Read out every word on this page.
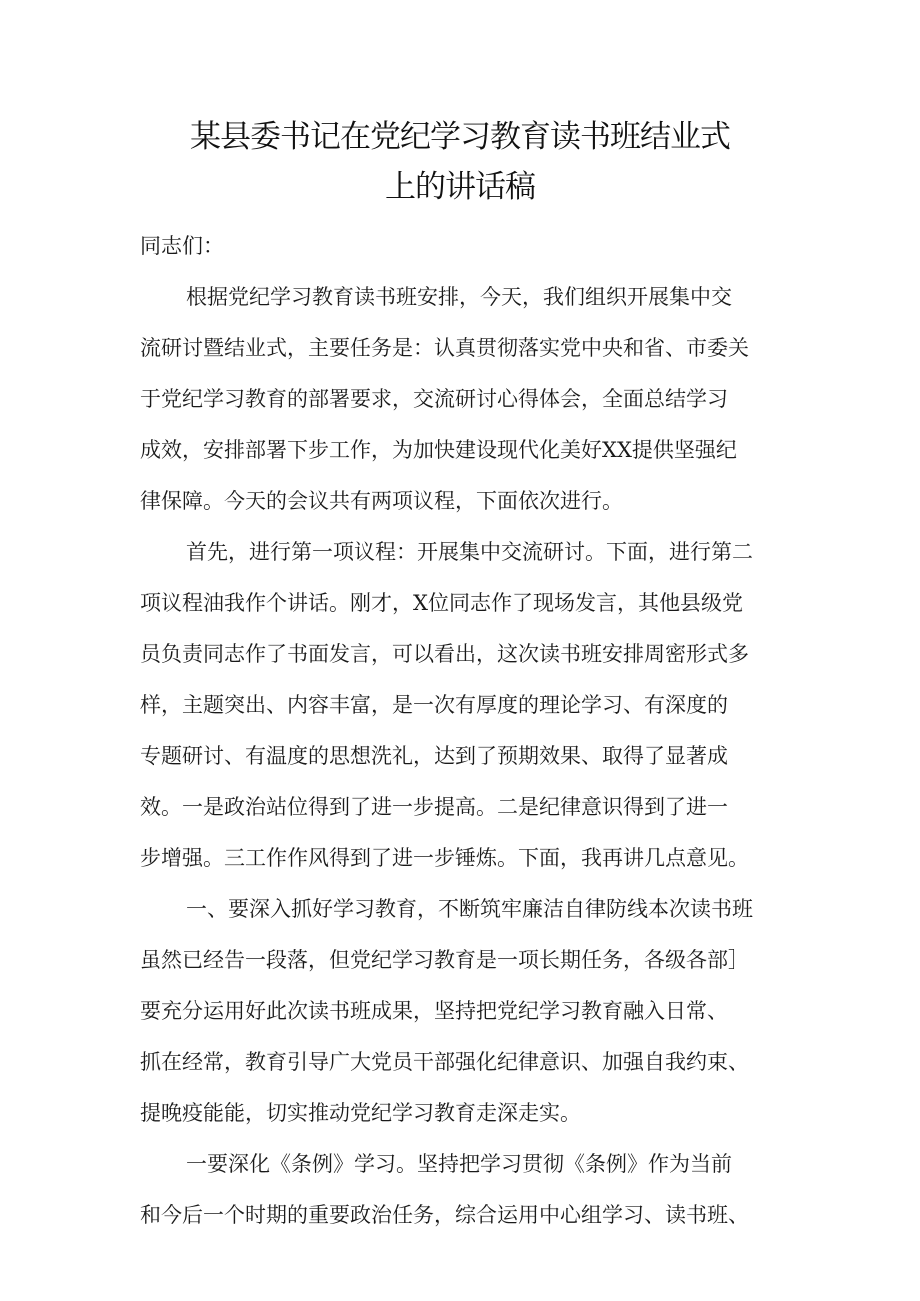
某县委书记在党纪学习教育读书班结业式
上的讲话稿

同志们：

根据党纪学习教育读书班安排，今天，我们组织开展集中交
流研讨暨结业式，主要任务是：认真贯彻落实党中央和省、市委关
于党纪学习教育的部署要求，交流研讨心得体会，全面总结学习
成效，安排部署下步工作，为加快建设现代化美好XX提供坚强纪
律保障。今天的会议共有两项议程，下面依次进行。

首先，进行第一项议程：开展集中交流研讨。下面，进行第二
项议程油我作个讲话。刚才，X位同志作了现场发言，其他县级党
员负责同志作了书面发言，可以看出，这次读书班安排周密形式多
样，主题突出、内容丰富，是一次有厚度的理论学习、有深度的
专题研讨、有温度的思想洗礼，达到了预期效果、取得了显著成
效。一是政治站位得到了进一步提高。二是纪律意识得到了进一
步增强。三工作作风得到了进一步锤炼。下面，我再讲几点意见。

一、要深入抓好学习教育，不断筑牢廉洁自律防线本次读书班
虽然已经告一段落，但党纪学习教育是一项长期任务，各级各部］
要充分运用好此次读书班成果，坚持把党纪学习教育融入日常、
抓在经常，教育引导广大党员干部强化纪律意识、加强自我约束、
提晚疫能能，切实推动党纪学习教育走深走实。

一要深化《条例》学习。坚持把学习贯彻《条例》作为当前
和今后一个时期的重要政治任务，综合运用中心组学习、读书班、
